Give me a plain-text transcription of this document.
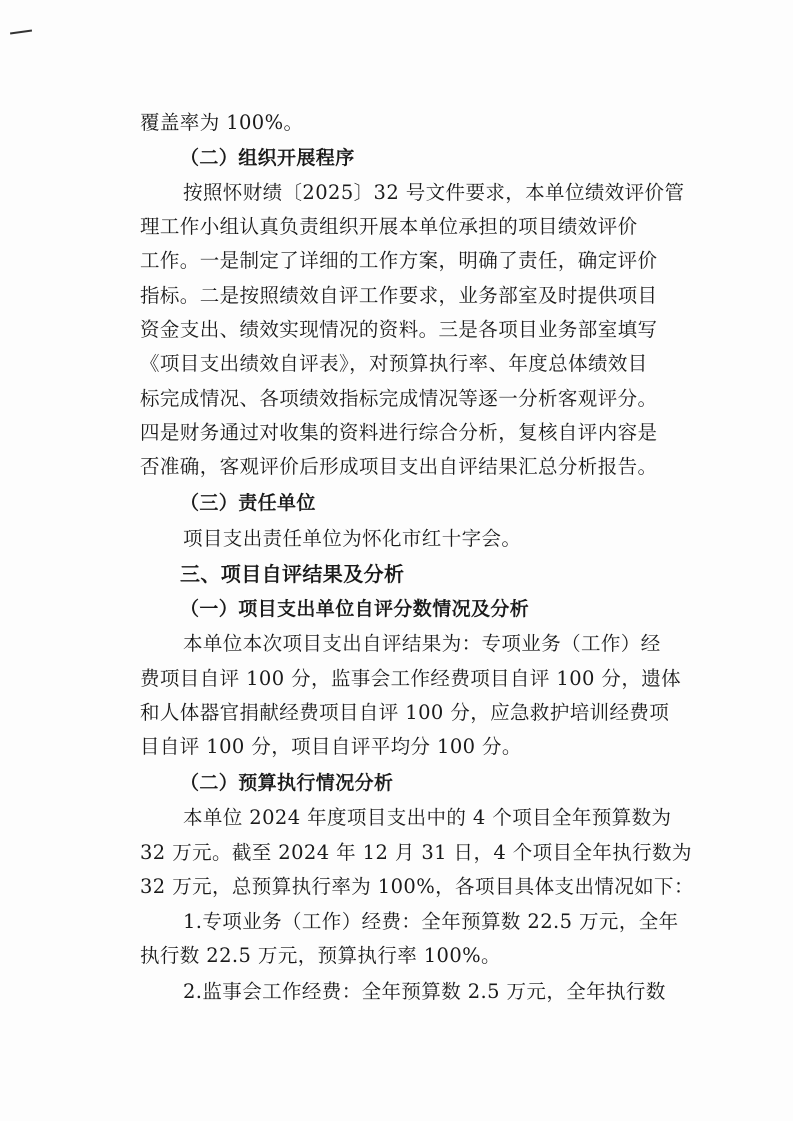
覆盖率为 100%。
（二）组织开展程序
按照怀财绩〔2025〕32 号文件要求，本单位绩效评价管
理工作小组认真负责组织开展本单位承担的项目绩效评价
工作。一是制定了详细的工作方案，明确了责任，确定评价
指标。二是按照绩效自评工作要求，业务部室及时提供项目
资金支出、绩效实现情况的资料。三是各项目业务部室填写
《项目支出绩效自评表》，对预算执行率、年度总体绩效目
标完成情况、各项绩效指标完成情况等逐一分析客观评分。
四是财务通过对收集的资料进行综合分析，复核自评内容是
否准确，客观评价后形成项目支出自评结果汇总分析报告。
（三）责任单位
项目支出责任单位为怀化市红十字会。
三、项目自评结果及分析
（一）项目支出单位自评分数情况及分析
本单位本次项目支出自评结果为：专项业务（工作）经
费项目自评 100 分，监事会工作经费项目自评 100 分，遗体
和人体器官捐献经费项目自评 100 分，应急救护培训经费项
目自评 100 分，项目自评平均分 100 分。
（二）预算执行情况分析
本单位 2024 年度项目支出中的 4 个项目全年预算数为
32 万元。截至 2024 年 12 月 31 日，4 个项目全年执行数为
32 万元，总预算执行率为 100%，各项目具体支出情况如下：
1.专项业务（工作）经费：全年预算数 22.5 万元，全年
执行数 22.5 万元，预算执行率 100%。
2.监事会工作经费：全年预算数 2.5 万元，全年执行数
